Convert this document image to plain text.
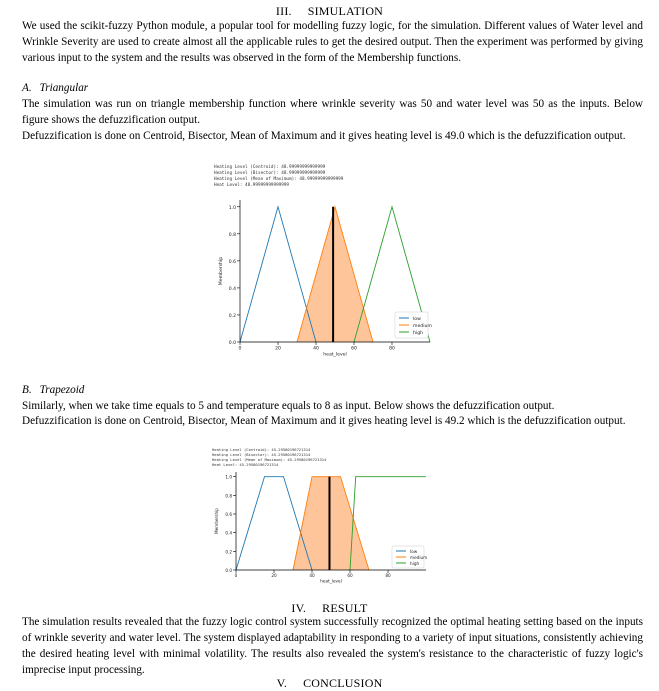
III. SIMULATION
We used the scikit-fuzzy Python module, a popular tool for modelling fuzzy logic, for the simulation. Different values of Water level and Wrinkle Severity are used to create almost all the applicable rules to get the desired output. Then the experiment was performed by giving various input to the system and the results was observed in the form of the Membership functions.
A. Triangular
The simulation was run on triangle membership function where wrinkle severity was 50 and water level was 50 as the inputs. Below figure shows the defuzzification output.
Defuzzification is done on Centroid, Bisector, Mean of Maximum and it gives heating level is 49.0 which is the defuzzification output.
Heating Level (Centroid): 48.99999999999999
Heating Level (Bisector): 48.99999999999999
Heating Level (Mean of Maximum): 48.99999999999999
Heat Level: 48.99999999999999
0.0
0.2
0.4
0.6
0.8
1.0
0	20	40	60	80
heat_level
Membership
low
medium
high
B. Trapezoid
Similarly, when we take time equals to 5 and temperature equals to 8 as input. Below shows the defuzzification output.
Defuzzification is done on Centroid, Bisector, Mean of Maximum and it gives heating level is 49.2 which is the defuzzification output.
Heating Level (Centroid): 45.29580196721314
Heating Level (Bisector): 45.29580196721314
Heating Level (Mean of Maximum): 45.29580196721314
Heat Level: 45.29580196721314
0.0
0.2
0.4
0.6
0.8
1.0
0	20	40	60	80
heat_level
Membership
low
medium
high
IV. RESULT
The simulation results revealed that the fuzzy logic control system successfully recognized the optimal heating setting based on the inputs of wrinkle severity and water level. The system displayed adaptability in responding to a variety of input situations, consistently achieving the desired heating level with minimal volatility. The results also revealed the system's resistance to the characteristic of fuzzy logic's imprecise input processing.
V. CONCLUSION
